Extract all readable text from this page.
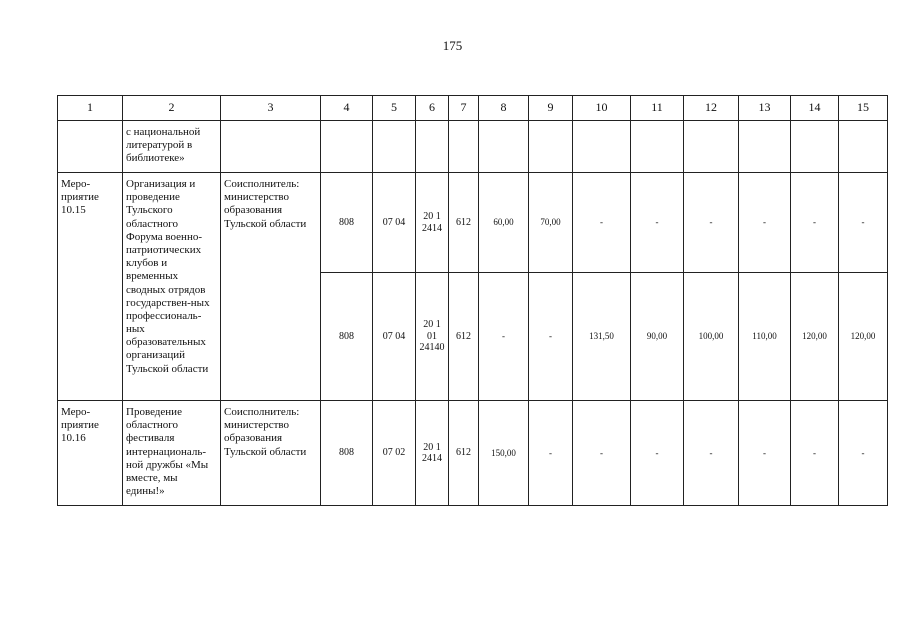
175
1	2	3	4	5	6	7	8	9	10	11	12	13	14	15
	с национальной литературой в библиотеке»													
Меро-приятие 10.15	Организация и проведение Тульского областного Форума военно-патриотических клубов и временных сводных отрядов государствен-ных профессиональ-ных образовательных организаций Тульской области	Соисполнитель: министерство образования Тульской области	808	07 04	20 1 2414	612	60,00	70,00	-	-	-	-	-	-
			808	07 04	20 1 01 24140	612	-	-	131,50	90,00	100,00	110,00	120,00	120,00
Меро-приятие 10.16	Проведение областного фестиваля интернациональ-ной дружбы «Мы вместе, мы едины!»	Соисполнитель: министерство образования Тульской области	808	07 02	20 1 2414	612	150,00	-	-	-	-	-	-	-
